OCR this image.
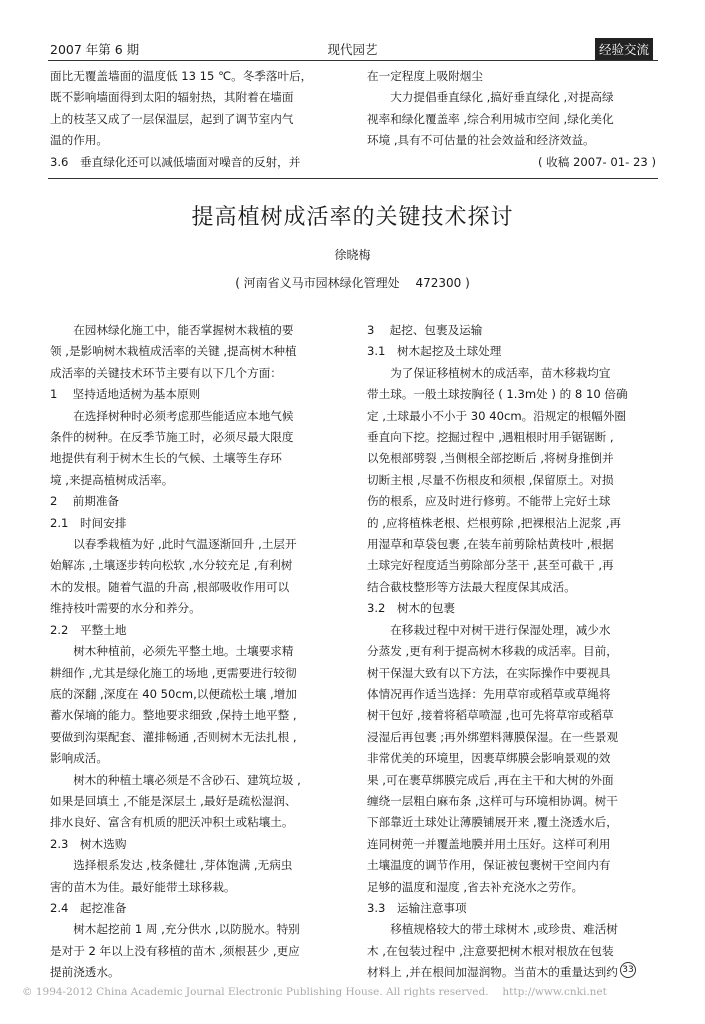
2007 年第 6 期	现代园艺	经验交流

面比无覆盖墙面的温度低 13 15 ℃。冬季落叶后，

既不影响墙面得到太阳的辐射热，其附着在墙面

上的枝茎又成了一层保温层，起到了调节室内气

温的作用。

3.6　垂直绿化还可以减低墙面对噪音的反射，并

在一定程度上吸附烟尘

大力提倡垂直绿化 ,搞好垂直绿化 ,对提高绿

视率和绿化覆盖率 ,综合利用城市空间 ,绿化美化

环境 ,具有不可估量的社会效益和经济效益。

( 收稿 2007- 01- 23 )

提高植树成活率的关键技术探讨
徐晓梅
( 河南省义马市园林绿化管理处　 472300 )

在园林绿化施工中，能否掌握树木栽植的要

领 ,是影响树木栽植成活率的关键 ,提高树木种植

成活率的关键技术环节主要有以下几个方面：

1　 坚持适地适树为基本原则

在选择树种时必须考虑那些能适应本地气候

条件的树种。在反季节施工时，必须尽最大限度

地提供有利于树木生长的气候、土壤等生存环

境 ,来提高植树成活率。

2　 前期准备

2.1　时间安排

以春季栽植为好 ,此时气温逐渐回升 ,土层开

始解冻 ,土壤逐步转向松软 ,水分较充足 ,有利树

木的发根。随着气温的升高 ,根部吸收作用可以

维持枝叶需要的水分和养分。

2.2　平整土地

树木种植前，必须先平整土地。土壤要求精

耕细作 ,尤其是绿化施工的场地 ,更需要进行较彻

底的深翻 ,深度在 40 50cm,以便疏松土壤 ,增加

蓄水保墒的能力。整地要求细致 ,保持土地平整 ,

要做到沟渠配套、灌排畅通 ,否则树木无法扎根 ,

影响成活。

树木的种植土壤必须是不含砂石、建筑垃圾 ,

如果是回填土 ,不能是深层土 ,最好是疏松湿润、

排水良好、富含有机质的肥沃冲积土或粘壤土。

2.3　树木选购

选择根系发达 ,枝条健壮 ,芽体饱满 ,无病虫

害的苗木为佳。最好能带土球移栽。

2.4　起挖准备

树木起挖前 1 周 ,充分供水 ,以防脱水。特别

是对于 2 年以上没有移植的苗木 ,须根甚少 ,更应

提前浇透水。

3　 起挖、包裹及运输

3.1　树木起挖及土球处理

为了保证移植树木的成活率，苗木移栽均宜

带土球。一般土球按胸径 ( 1.3m处 ) 的 8 10 倍确

定 ,土球最小不小于 30 40cm。沿规定的根幅外圈

垂直向下挖。挖掘过程中 ,遇粗根时用手锯锯断 ,

以免根部劈裂 ,当侧根全部挖断后 ,将树身推倒并

切断主根 ,尽量不伤根皮和须根 ,保留原土。对损

伤的根系，应及时进行修剪。不能带上完好土球

的 ,应将植株老根、烂根剪除 ,把裸根沾上泥浆 ,再

用湿草和草袋包裹 ,在装车前剪除枯黄枝叶 ,根据

土球完好程度适当剪除部分茎干 ,甚至可截干 ,再

结合截枝整形等方法最大程度保其成活。

3.2　树木的包裹

在移栽过程中对树干进行保湿处理，减少水

分蒸发 ,更有利于提高树木移栽的成活率。目前，

树干保湿大致有以下方法，在实际操作中要视具

体情况再作适当选择：先用草帘或稻草或草绳将

树干包好 ,接着将稻草喷湿 ,也可先将草帘或稻草

浸湿后再包裹 ;再外绑塑料薄膜保湿。在一些景观

非常优美的环境里，因裹草绑膜会影响景观的效

果 ,可在裹草绑膜完成后 ,再在主干和大树的外面

缠绕一层粗白麻布条 ,这样可与环境相协调。树干

下部靠近土球处让薄膜铺展开来 ,覆土浇透水后，

连同树蔸一并覆盖地膜并用土压好。这样可利用

土壤温度的调节作用，保证被包裹树干空间内有

足够的温度和湿度 ,省去补充浇水之劳作。

3.3　运输注意事项

移植规格较大的带土球树木 ,或珍贵、难活树

木 ,在包装过程中 ,注意要把树木根对根放在包装

材料上 ,并在根间加湿润物。当苗木的重量达到约 33
© 1994-2012 China Academic Journal Electronic Publishing House. All rights reserved.　 http://www.cnki.net
